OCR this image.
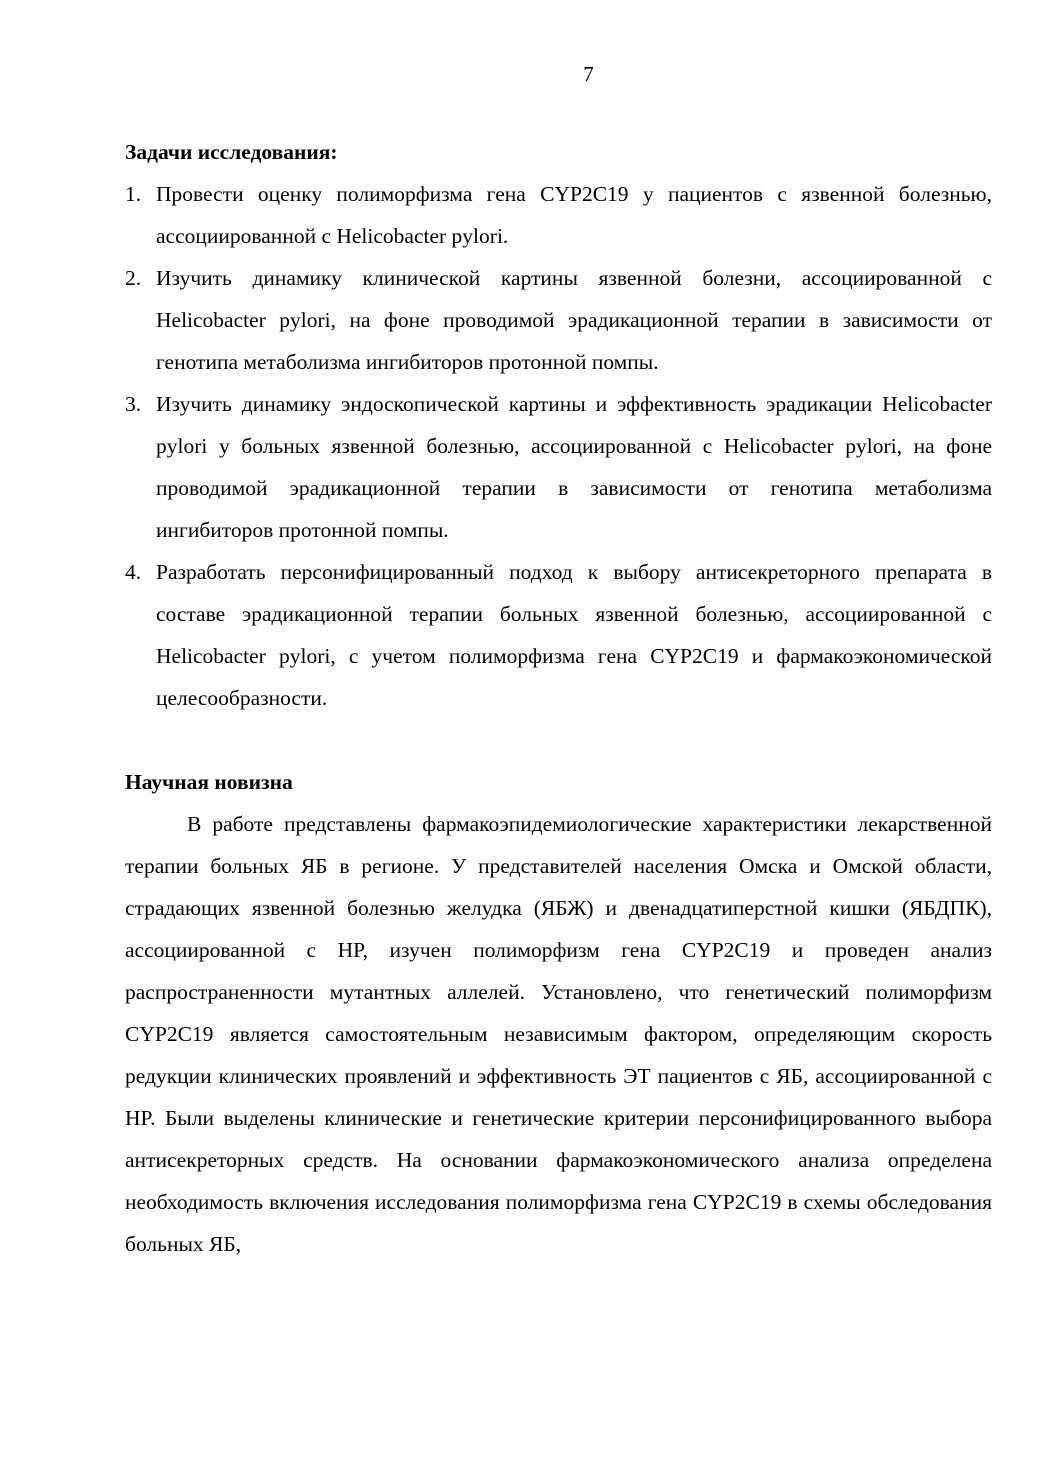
7
Задачи исследования:
1. Провести оценку полиморфизма гена CYP2C19 у пациентов с язвенной болезнью, ассоциированной с Helicobacter pylori.
2. Изучить динамику клинической картины язвенной болезни, ассоциированной с Helicobacter pylori, на фоне проводимой эрадикационной терапии в зависимости от генотипа метаболизма ингибиторов протонной помпы.
3. Изучить динамику эндоскопической картины и эффективность эрадикации Helicobacter pylori у больных язвенной болезнью, ассоциированной с Helicobacter pylori, на фоне проводимой эрадикационной терапии в зависимости от генотипа метаболизма ингибиторов протонной помпы.
4. Разработать персонифицированный подход к выбору антисекреторного препарата в составе эрадикационной терапии больных язвенной болезнью, ассоциированной с Helicobacter pylori, с учетом полиморфизма гена CYP2C19 и фармакоэкономической целесообразности.
Научная новизна

В работе представлены фармакоэпидемиологические характеристики лекарственной терапии больных ЯБ в регионе. У представителей населения Омска и Омской области, страдающих язвенной болезнью желудка (ЯБЖ) и двенадцатиперстной кишки (ЯБДПК), ассоциированной с HP, изучен полиморфизм гена CYP2C19 и проведен анализ распространенности мутантных аллелей. Установлено, что генетический полиморфизм CYP2C19 является самостоятельным независимым фактором, определяющим скорость редукции клинических проявлений и эффективность ЭТ пациентов с ЯБ, ассоциированной с HP. Были выделены клинические и генетические критерии персонифицированного выбора антисекреторных средств. На основании фармакоэкономического анализа определена необходимость включения исследования полиморфизма гена CYP2C19 в схемы обследования больных ЯБ,
